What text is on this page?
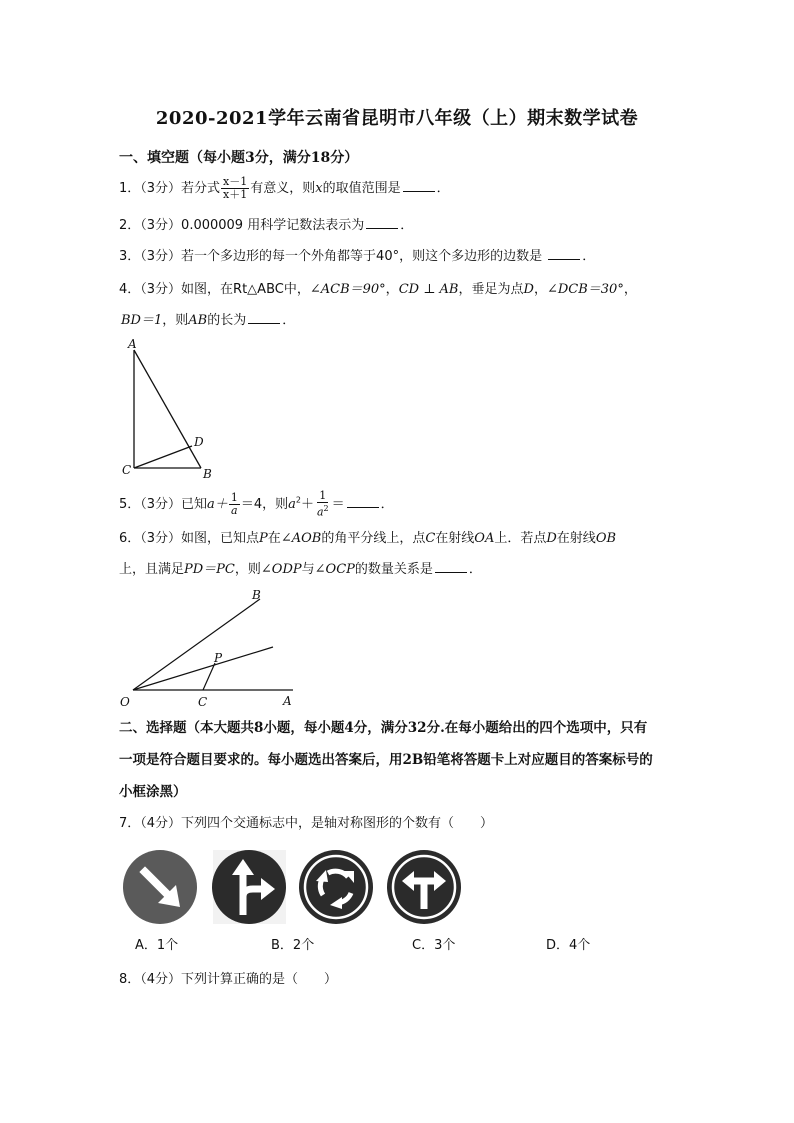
2020-2021学年云南省昆明市八年级（上）期末数学试卷
一、填空题（每小题3分，满分18分）
1．（3分）若分式 $\frac{x-1}{x+1}$ 有意义，则x的取值范围是	．
2．（3分）0.000009 用科学记数法表示为	．
3．（3分）若一个多边形的每一个外角都等于40°，则这个多边形的边数是	．
4．（3分）如图，在Rt△ABC中，∠ACB＝90°，CD ⊥ AB，垂足为点D，∠DCB＝30°，
BD＝1，则AB的长为	．
A
C	B
D
5．（3分）已知$a+ \frac{1}{a} =4$，则$a^2+ \frac{1}{a^2}$ ＝	．
6．（3分）如图，已知点P在∠AOB的角平分线上，点C在射线OA上．若点D在射线OB
上，且满足PD＝PC，则∠ODP与∠OCP的数量关系是	．
O	C	A
B
P
二、选择题（本大题共8小题，每小题4分，满分32分.在每小题给出的四个选项中，只有
一项是符合题目要求的。每小题选出答案后，用2B铅笔将答题卡上对应题目的答案标号的
小框涂黑）
7．（4分）下列四个交通标志中，是轴对称图形的个数有（　　）
A．1个	B．2个	C．3个	D．4个
8．（4分）下列计算正确的是（　　）
